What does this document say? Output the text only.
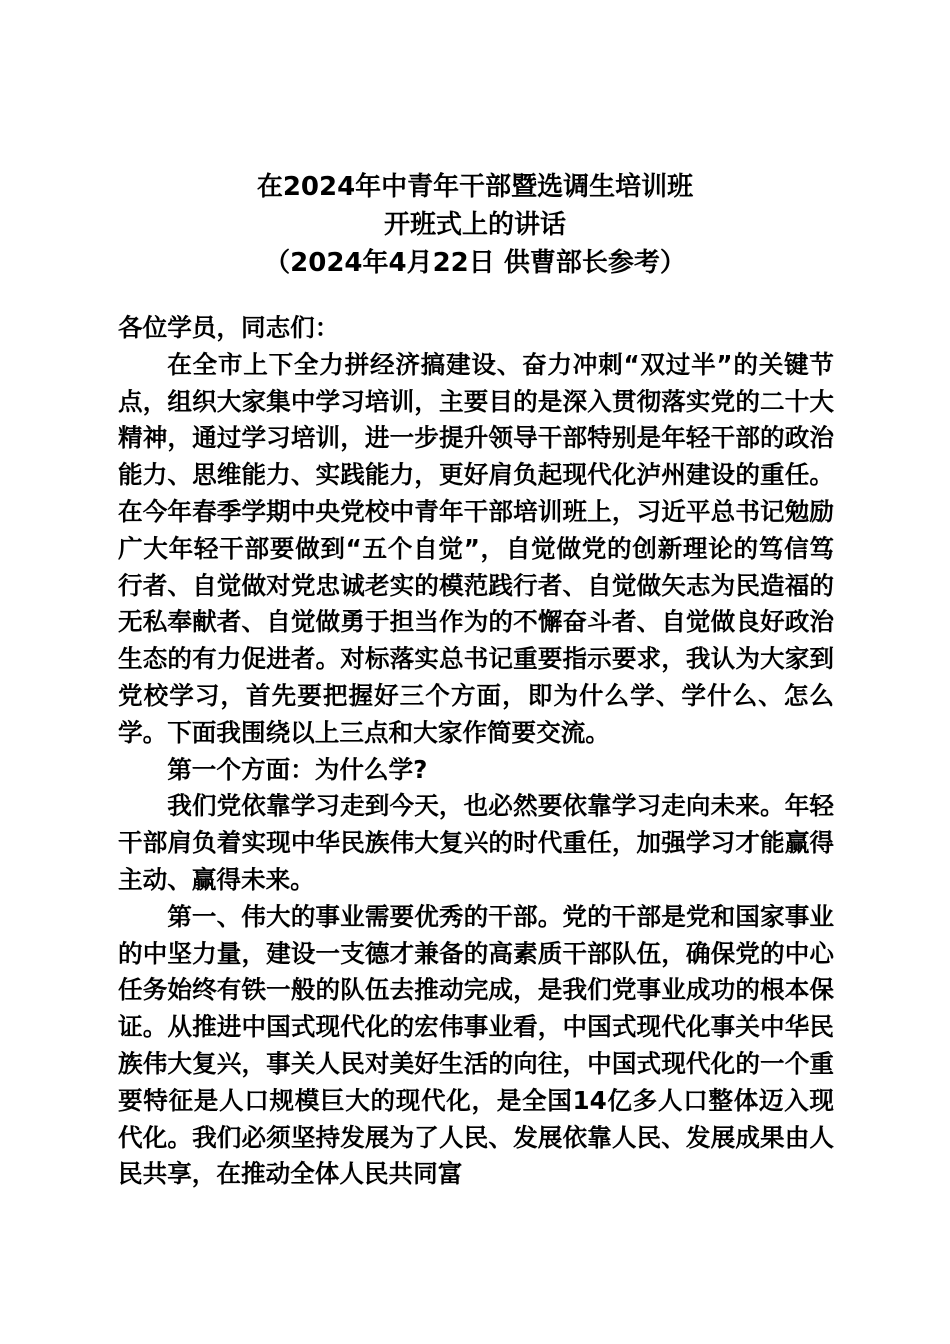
在2024年中青年干部暨选调生培训班
开班式上的讲话
（2024年4月22日 供曹部长参考）

各位学员，同志们：

在全市上下全力拼经济搞建设、奋力冲刺“双过半”的关键节点，组织大家集中学习培训，主要目的是深入贯彻落实党的二十大精神，通过学习培训，进一步提升领导干部特别是年轻干部的政治能力、思维能力、实践能力，更好肩负起现代化泸州建设的重任。在今年春季学期中央党校中青年干部培训班上，习近平总书记勉励广大年轻干部要做到“五个自觉”，自觉做党的创新理论的笃信笃行者、自觉做对党忠诚老实的模范践行者、自觉做矢志为民造福的无私奉献者、自觉做勇于担当作为的不懈奋斗者、自觉做良好政治生态的有力促进者。对标落实总书记重要指示要求，我认为大家到党校学习，首先要把握好三个方面，即为什么学、学什么、怎么学。下面我围绕以上三点和大家作简要交流。

第一个方面：为什么学?

我们党依靠学习走到今天，也必然要依靠学习走向未来。年轻干部肩负着实现中华民族伟大复兴的时代重任，加强学习才能赢得主动、赢得未来。

第一、伟大的事业需要优秀的干部。党的干部是党和国家事业的中坚力量，建设一支德才兼备的高素质干部队伍，确保党的中心任务始终有铁一般的队伍去推动完成，是我们党事业成功的根本保证。从推进中国式现代化的宏伟事业看，中国式现代化事关中华民族伟大复兴，事关人民对美好生活的向往，中国式现代化的一个重要特征是人口规模巨大的现代化，是全国14亿多人口整体迈入现代化。我们必须坚持发展为了人民、发展依靠人民、发展成果由人民共享，在推动全体人民共同富
